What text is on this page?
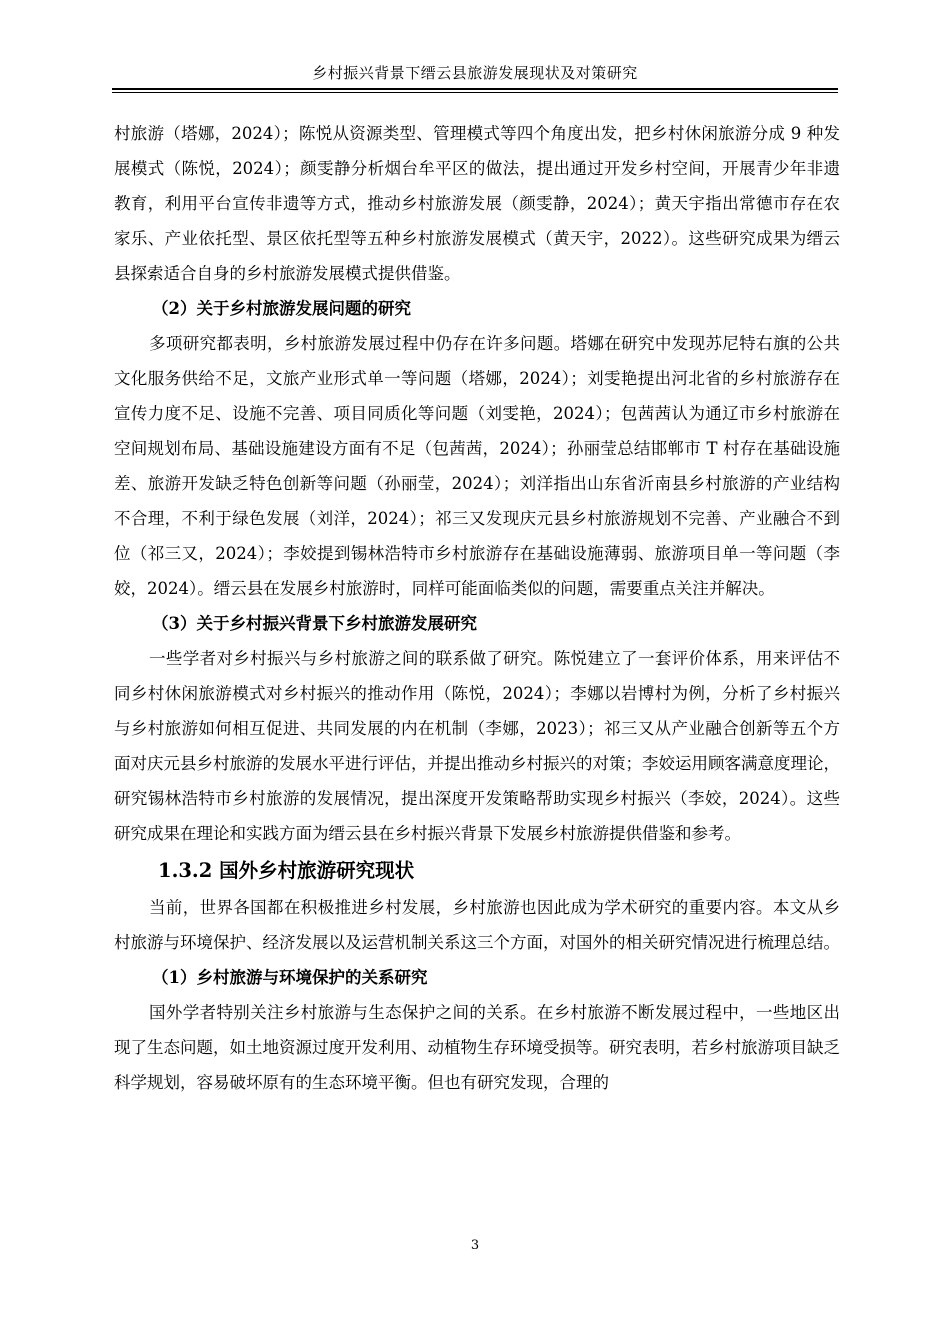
乡村振兴背景下缙云县旅游发展现状及对策研究

村旅游（塔娜，2024）；陈悦从资源类型、管理模式等四个角度出发，把乡村休闲旅游分成 9 种发展模式（陈悦，2024）；颜雯静分析烟台牟平区的做法，提出通过开发乡村空间，开展青少年非遗教育，利用平台宣传非遗等方式，推动乡村旅游发展（颜雯静，2024）；黄天宇指出常德市存在农家乐、产业依托型、景区依托型等五种乡村旅游发展模式（黄天宇，2022）。这些研究成果为缙云县探索适合自身的乡村旅游发展模式提供借鉴。

（2）关于乡村旅游发展问题的研究

多项研究都表明，乡村旅游发展过程中仍存在许多问题。塔娜在研究中发现苏尼特右旗的公共文化服务供给不足，文旅产业形式单一等问题（塔娜，2024）；刘雯艳提出河北省的乡村旅游存在宣传力度不足、设施不完善、项目同质化等问题（刘雯艳，2024）；包茜茜认为通辽市乡村旅游在空间规划布局、基础设施建设方面有不足（包茜茜，2024）；孙丽莹总结邯郸市 T 村存在基础设施差、旅游开发缺乏特色创新等问题（孙丽莹，2024）；刘洋指出山东省沂南县乡村旅游的产业结构不合理，不利于绿色发展（刘洋，2024）；祁三又发现庆元县乡村旅游规划不完善、产业融合不到位（祁三又，2024）；李姣提到锡林浩特市乡村旅游存在基础设施薄弱、旅游项目单一等问题（李姣，2024）。缙云县在发展乡村旅游时，同样可能面临类似的问题，需要重点关注并解决。

（3）关于乡村振兴背景下乡村旅游发展研究

一些学者对乡村振兴与乡村旅游之间的联系做了研究。陈悦建立了一套评价体系，用来评估不同乡村休闲旅游模式对乡村振兴的推动作用（陈悦，2024）；李娜以岩博村为例，分析了乡村振兴与乡村旅游如何相互促进、共同发展的内在机制（李娜，2023）；祁三又从产业融合创新等五个方面对庆元县乡村旅游的发展水平进行评估，并提出推动乡村振兴的对策；李姣运用顾客满意度理论，研究锡林浩特市乡村旅游的发展情况，提出深度开发策略帮助实现乡村振兴（李姣，2024）。这些研究成果在理论和实践方面为缙云县在乡村振兴背景下发展乡村旅游提供借鉴和参考。

1.3.2 国外乡村旅游研究现状

当前，世界各国都在积极推进乡村发展，乡村旅游也因此成为学术研究的重要内容。本文从乡村旅游与环境保护、经济发展以及运营机制关系这三个方面，对国外的相关研究情况进行梳理总结。

（1）乡村旅游与环境保护的关系研究

国外学者特别关注乡村旅游与生态保护之间的关系。在乡村旅游不断发展过程中，一些地区出现了生态问题，如土地资源过度开发利用、动植物生存环境受损等。研究表明，若乡村旅游项目缺乏科学规划，容易破坏原有的生态环境平衡。但也有研究发现，合理的

3
